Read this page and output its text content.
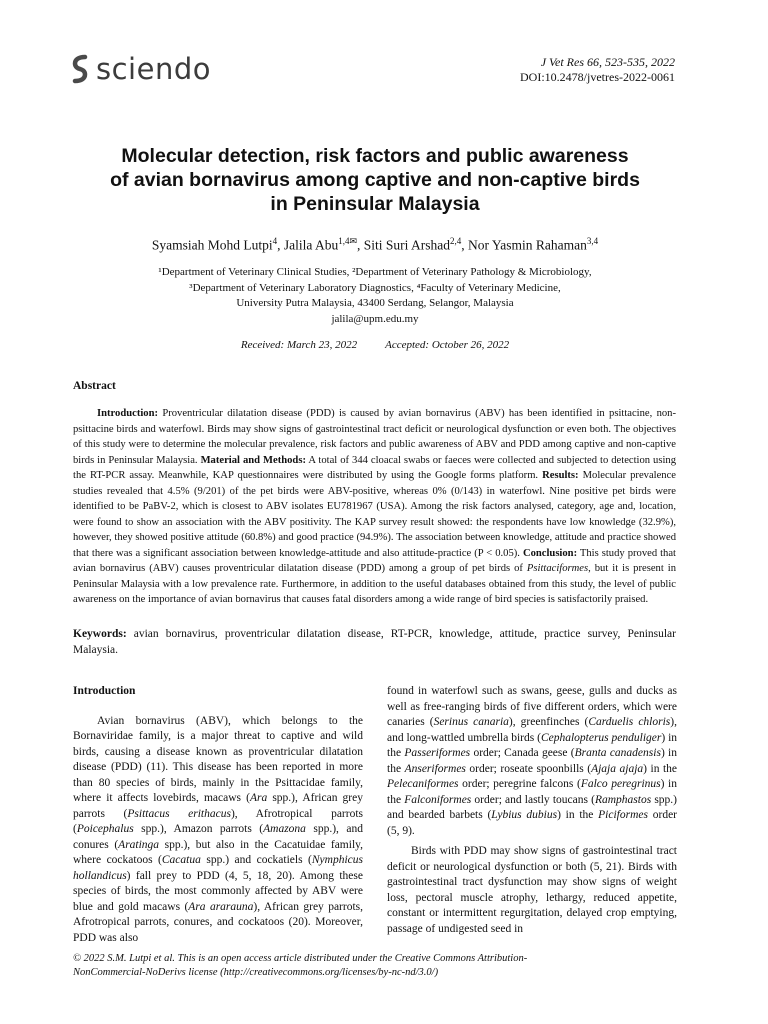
sciendo	J Vet Res 66, 523-535, 2022
DOI:10.2478/jvetres-2022-0061
Molecular detection, risk factors and public awareness
of avian bornavirus among captive and non-captive birds
in Peninsular Malaysia
Syamsiah Mohd Lutpi$^4$, Jalila Abu$^{1,4✉}$, Siti Suri Arshad$^{2,4}$, Nor Yasmin Rahaman$^{3,4}$
¹Department of Veterinary Clinical Studies, ²Department of Veterinary Pathology & Microbiology,
³Department of Veterinary Laboratory Diagnostics, ⁴Faculty of Veterinary Medicine,
University Putra Malaysia, 43400 Serdang, Selangor, Malaysia
jalila@upm.edu.my
Received: March 23, 2022	Accepted: October 26, 2022
Abstract

Introduction: Proventricular dilatation disease (PDD) is caused by avian bornavirus (ABV) has been identified in psittacine, non-psittacine birds and waterfowl. Birds may show signs of gastrointestinal tract deficit or neurological dysfunction or even both. The objectives of this study were to determine the molecular prevalence, risk factors and public awareness of ABV and PDD among captive and non-captive birds in Peninsular Malaysia. Material and Methods: A total of 344 cloacal swabs or faeces were collected and subjected to detection using the RT-PCR assay. Meanwhile, KAP questionnaires were distributed by using the Google forms platform. Results: Molecular prevalence studies revealed that 4.5% (9/201) of the pet birds were ABV-positive, whereas 0% (0/143) in waterfowl. Nine positive pet birds were identified to be PaBV-2, which is closest to ABV isolates EU781967 (USA). Among the risk factors analysed, category, age and, location, were found to show an association with the ABV positivity. The KAP survey result showed: the respondents have low knowledge (32.9%), however, they showed positive attitude (60.8%) and good practice (94.9%). The association between knowledge, attitude and practice showed that there was a significant association between knowledge-attitude and also attitude-practice (P < 0.05). Conclusion: This study proved that avian bornavirus (ABV) causes proventricular dilatation disease (PDD) among a group of pet birds of Psittaciformes, but it is present in Peninsular Malaysia with a low prevalence rate. Furthermore, in addition to the useful databases obtained from this study, the level of public awareness on the importance of avian bornavirus that causes fatal disorders among a wide range of bird species is satisfactorily praised.

Keywords: avian bornavirus, proventricular dilatation disease, RT-PCR, knowledge, attitude, practice survey, Peninsular Malaysia.
Introduction

Avian bornavirus (ABV), which belongs to the Bornaviridae family, is a major threat to captive and wild birds, causing a disease known as proventricular dilatation disease (PDD) (11). This disease has been reported in more than 80 species of birds, mainly in the Psittacidae family, where it affects lovebirds, macaws (Ara spp.), African grey parrots (Psittacus erithacus), Afrotropical parrots (Poicephalus spp.), Amazon parrots (Amazona spp.), and conures (Aratinga spp.), but also in the Cacatuidae family, where cockatoos (Cacatua spp.) and cockatiels (Nymphicus hollandicus) fall prey to PDD (4, 5, 18, 20). Among these species of birds, the most commonly affected by ABV were blue and gold macaws (Ara ararauna), African grey parrots, Afrotropical parrots, conures, and cockatoos (20). Moreover, PDD was also

found in waterfowl such as swans, geese, gulls and ducks as well as free-ranging birds of five different orders, which were canaries (Serinus canaria), greenfinches (Carduelis chloris), and long-wattled umbrella birds (Cephalopterus penduliger) in the Passeriformes order; Canada geese (Branta canadensis) in the Anseriformes order; roseate spoonbills (Ajaja ajaja) in the Pelecaniformes order; peregrine falcons (Falco peregrinus) in the Falconiformes order; and lastly toucans (Ramphastos spp.) and bearded barbets (Lybius dubius) in the Piciformes order (5, 9).

Birds with PDD may show signs of gastrointestinal tract deficit or neurological dysfunction or both (5, 21). Birds with gastrointestinal tract dysfunction may show signs of weight loss, pectoral muscle atrophy, lethargy, reduced appetite, constant or intermittent regurgitation, delayed crop emptying, passage of undigested seed in

© 2022 S.M. Lutpi et al. This is an open access article distributed under the Creative Commons Attribution-
NonCommercial-NoDerivs license (http://creativecommons.org/licenses/by-nc-nd/3.0/)
